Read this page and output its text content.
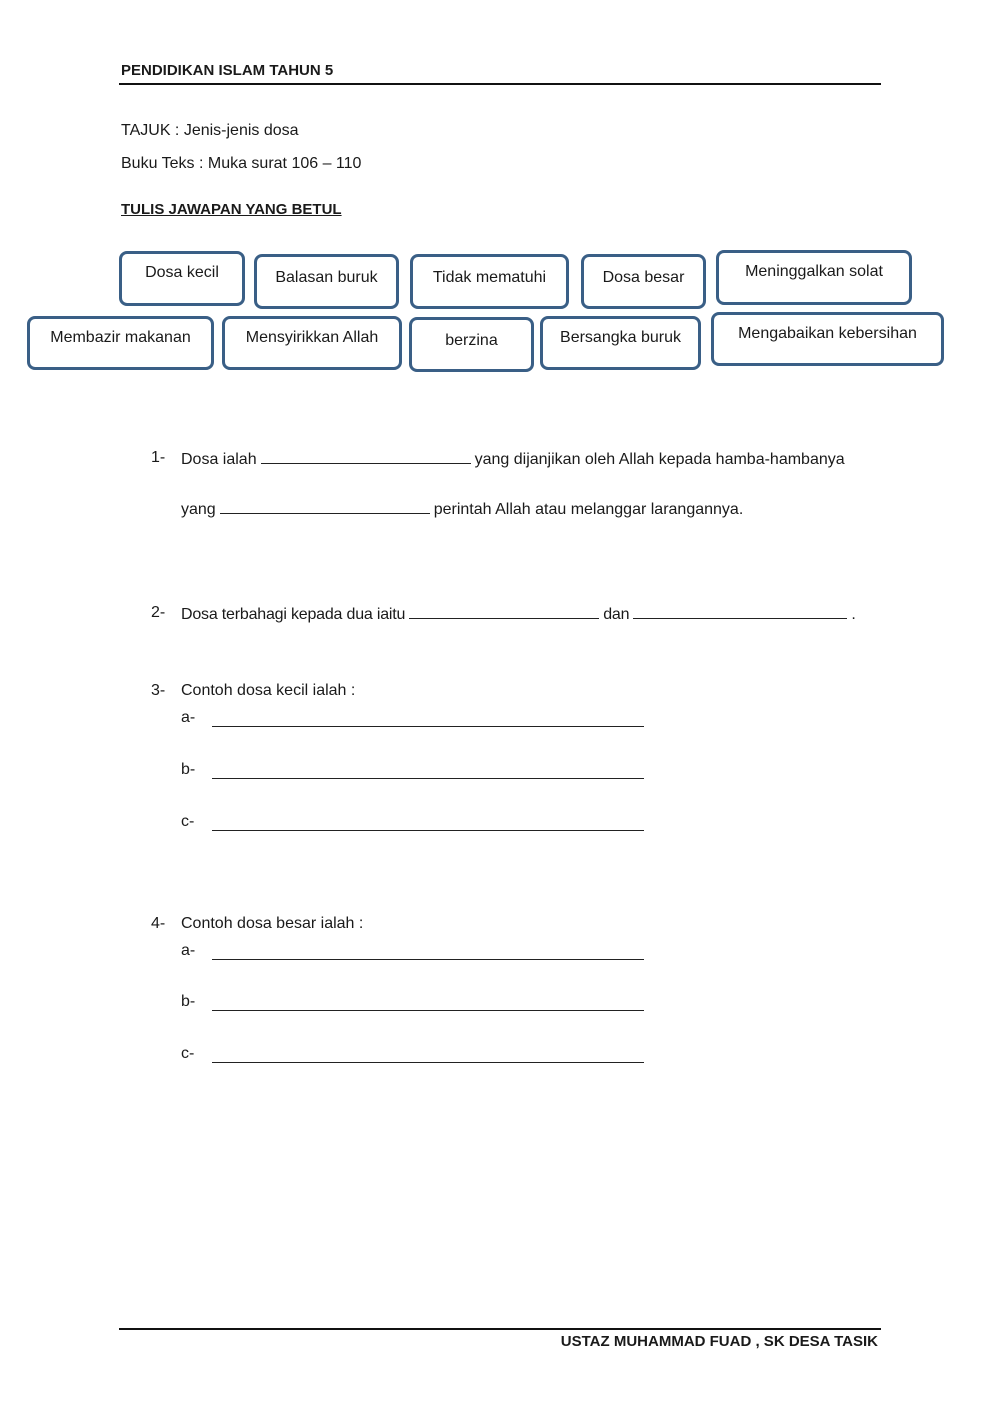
PENDIDIKAN ISLAM TAHUN 5
TAJUK : Jenis-jenis dosa
Buku Teks : Muka surat 106 – 110
TULIS JAWAPAN YANG BETUL
Dosa kecil	Balasan buruk	Tidak mematuhi	Dosa besar	Meninggalkan solat
Membazir makanan	Mensyirikkan Allah	berzina	Bersangka buruk	Mengabaikan kebersihan
1- Dosa ialah	yang dijanjikan oleh Allah kepada hamba-hambanya
yang	perintah Allah atau melanggar larangannya.
2- Dosa terbahagi kepada dua iaitu	dan	.
3- Contoh dosa kecil ialah :
a-
b-
c-
4- Contoh dosa besar ialah :
a-
b-
c-
USTAZ MUHAMMAD FUAD , SK DESA TASIK
